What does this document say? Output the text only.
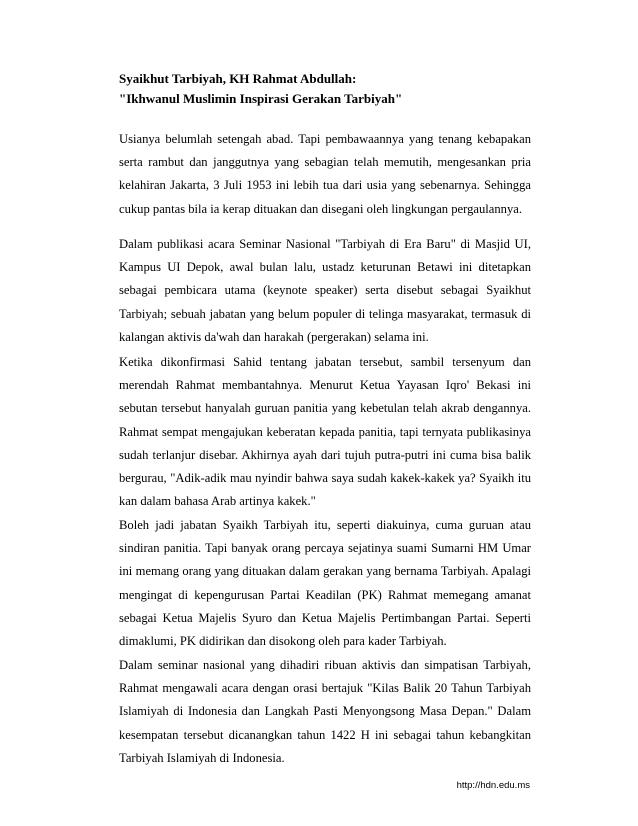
Syaikhut Tarbiyah, KH Rahmat Abdullah:
"Ikhwanul Muslimin Inspirasi Gerakan Tarbiyah"

Usianya belumlah setengah abad. Tapi pembawaannya yang tenang kebapakan serta rambut dan janggutnya yang sebagian telah memutih, mengesankan pria kelahiran Jakarta, 3 Juli 1953 ini lebih tua dari usia yang sebenarnya. Sehingga cukup pantas bila ia kerap dituakan dan disegani oleh lingkungan pergaulannya.

Dalam publikasi acara Seminar Nasional "Tarbiyah di Era Baru" di Masjid UI, Kampus UI Depok, awal bulan lalu, ustadz keturunan Betawi ini ditetapkan sebagai pembicara utama (keynote speaker) serta disebut sebagai Syaikhut Tarbiyah; sebuah jabatan yang belum populer di telinga masyarakat, termasuk di kalangan aktivis da'wah dan harakah (pergerakan) selama ini.

Ketika dikonfirmasi Sahid tentang jabatan tersebut, sambil tersenyum dan merendah Rahmat membantahnya. Menurut Ketua Yayasan Iqro' Bekasi ini sebutan tersebut hanyalah guruan panitia yang kebetulan telah akrab dengannya. Rahmat sempat mengajukan keberatan kepada panitia, tapi ternyata publikasinya sudah terlanjur disebar. Akhirnya ayah dari tujuh putra-putri ini cuma bisa balik bergurau, "Adik-adik mau nyindir bahwa saya sudah kakek-kakek ya? Syaikh itu kan dalam bahasa Arab artinya kakek."

Boleh jadi jabatan Syaikh Tarbiyah itu, seperti diakuinya, cuma guruan atau sindiran panitia. Tapi banyak orang percaya sejatinya suami Sumarni HM Umar ini memang orang yang dituakan dalam gerakan yang bernama Tarbiyah. Apalagi mengingat di kepengurusan Partai Keadilan (PK) Rahmat memegang amanat sebagai Ketua Majelis Syuro dan Ketua Majelis Pertimbangan Partai. Seperti dimaklumi, PK didirikan dan disokong oleh para kader Tarbiyah.

Dalam seminar nasional yang dihadiri ribuan aktivis dan simpatisan Tarbiyah, Rahmat mengawali acara dengan orasi bertajuk "Kilas Balik 20 Tahun Tarbiyah Islamiyah di Indonesia dan Langkah Pasti Menyongsong Masa Depan." Dalam kesempatan tersebut dicanangkan tahun 1422 H ini sebagai tahun kebangkitan Tarbiyah Islamiyah di Indonesia.

http://hdn.edu.ms
